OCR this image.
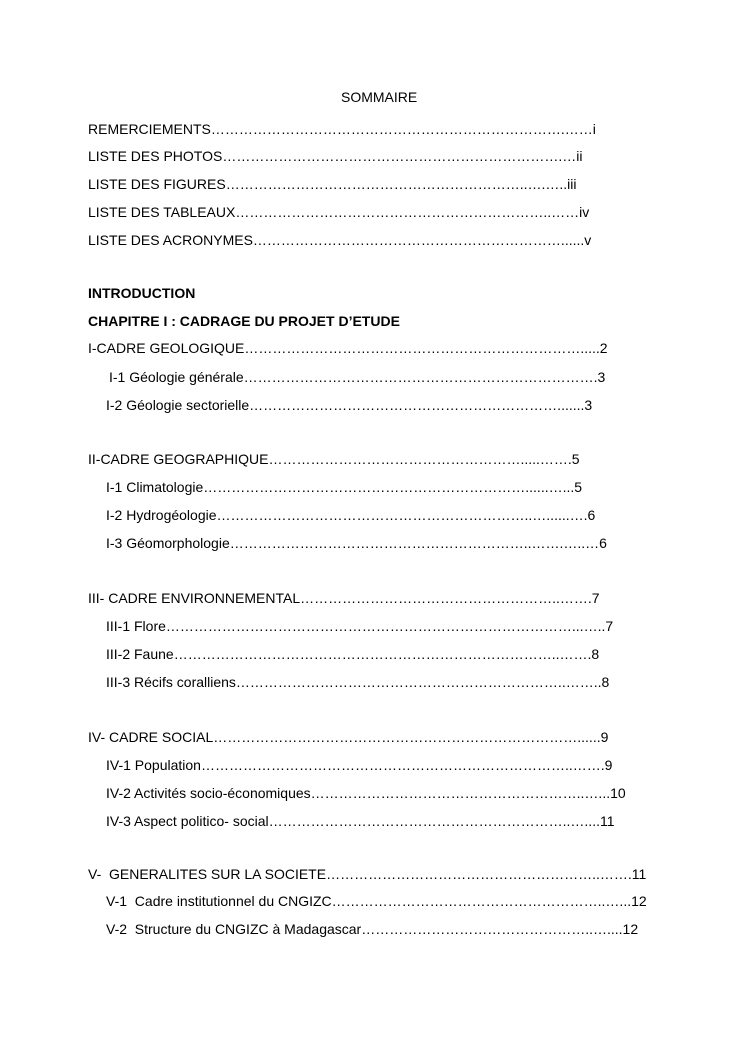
SOMMAIRE
REMERCIEMENTS………………………………………………………………….……i
LISTE DES PHOTOS……………………………………………………………….…ii
LISTE DES FIGURES………………………………………………………..….…..iii
LISTE DES TABLEAUX…………………………………………………………..……iv
LISTE DES ACRONYMES…………………………………………………………......v
INTRODUCTION
CHAPITRE I : CADRAGE DU PROJET D’ETUDE
I-CADRE GEOLOGIQUE……………………………………………………………….....2
I-1 Géologie générale………………………………………………………………….3
I-2 Géologie sectorielle………………………………………………………….......3
II-CADRE GEOGRAPHIQUE……………………………………………….....…….5
I-1 Climatologie……………………………………………………………......…...5
I-2 Hydrogéologie…………………………………………………………..…......….6
I-3 Géomorphologie………………………………………………………..…….…..…6
III- CADRE ENVIRONNEMENTAL………………………………………………..…….7
III-1 Flore……………………………………………………………………………...…..7
III-2 Faune………………………………………………………………………..…….8
III-3 Récifs coralliens……………………………………………………………..……..8
IV- CADRE SOCIAL……………………………………………………………………......9
IV-1 Population……………………………………………………………………..…….9
IV-2 Activités socio-économiques…………………………………………………..…...10
IV-3 Aspect politico- social………………………………………………………..…....11
V-  GENERALITES SUR LA SOCIETE…………………………………………………..…….11
V-1  Cadre institutionnel du CNGIZC…………………………………………………..…...12
V-2  Structure du CNGIZC à Madagascar…………………………………………..…....12
